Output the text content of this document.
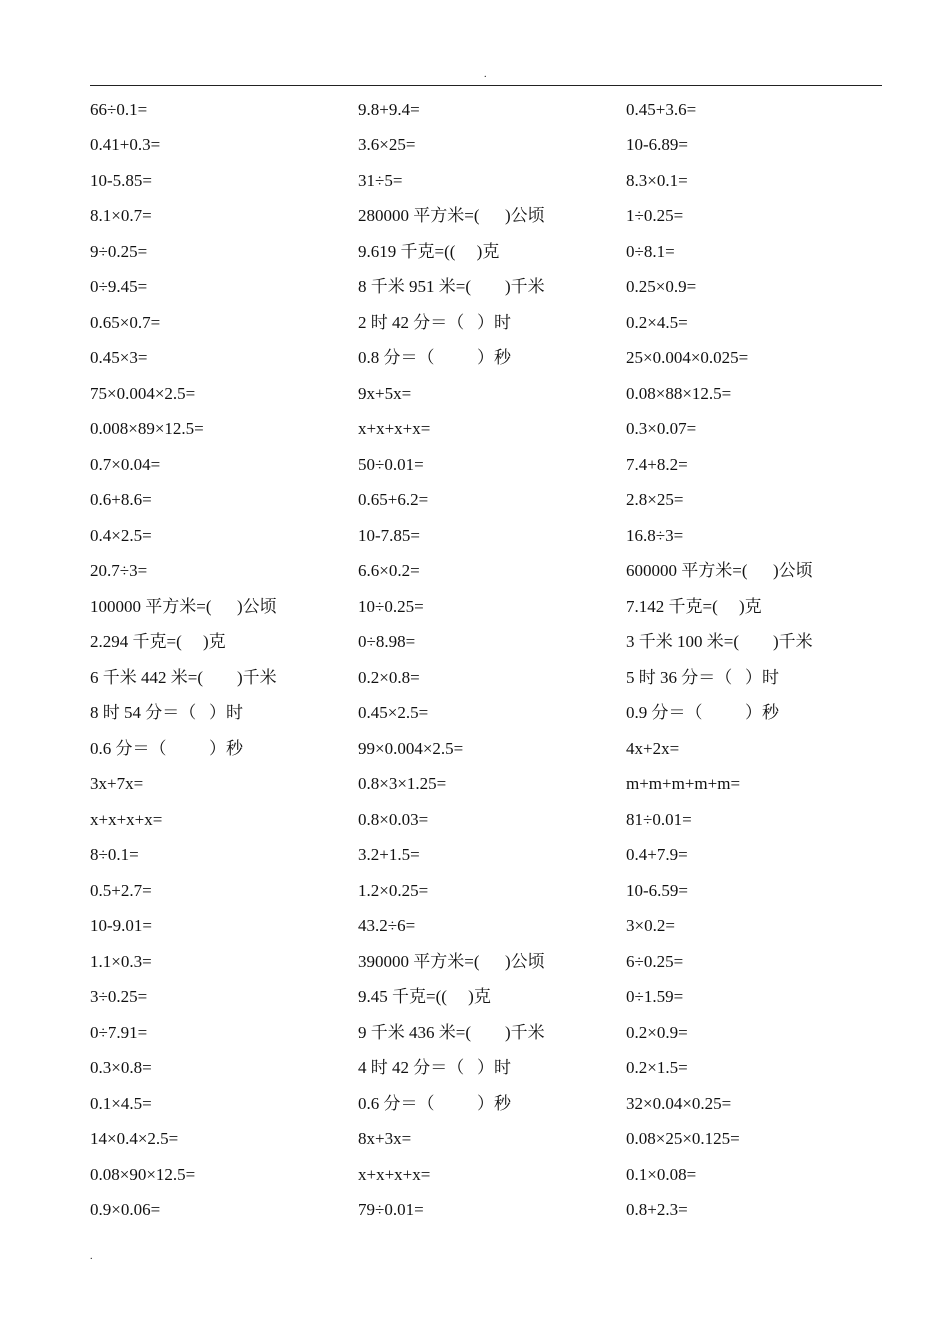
.
66÷0.1=	9.8+9.4=	0.45+3.6=
0.41+0.3=	3.6×25=	10-6.89=
10-5.85=	31÷5=	8.3×0.1=
8.1×0.7=	280000 平方米=(      )公顷	1÷0.25=
9÷0.25=	9.619 千克=((     )克	0÷8.1=
0÷9.45=	8 千米 951 米=(        )千米	0.25×0.9=
0.65×0.7=	2 时 42 分＝（   ）时	0.2×4.5=
0.45×3=	0.8 分＝（          ）秒	25×0.004×0.025=
75×0.004×2.5=	9x+5x=	0.08×88×12.5=
0.008×89×12.5=	x+x+x+x=	0.3×0.07=
0.7×0.04=	50÷0.01=	7.4+8.2=
0.6+8.6=	0.65+6.2=	2.8×25=
0.4×2.5=	10-7.85=	16.8÷3=
20.7÷3=	6.6×0.2=	600000 平方米=(      )公顷
100000 平方米=(      )公顷	10÷0.25=	7.142 千克=(     )克
2.294 千克=(     )克	0÷8.98=	3 千米 100 米=(        )千米
6 千米 442 米=(        )千米	0.2×0.8=	5 时 36 分＝（   ）时
8 时 54 分＝（   ）时	0.45×2.5=	0.9 分＝（          ）秒
0.6 分＝（          ）秒	99×0.004×2.5=	4x+2x=
3x+7x=	0.8×3×1.25=	m+m+m+m+m=
x+x+x+x=	0.8×0.03=	81÷0.01=
8÷0.1=	3.2+1.5=	0.4+7.9=
0.5+2.7=	1.2×0.25=	10-6.59=
10-9.01=	43.2÷6=	3×0.2=
1.1×0.3=	390000 平方米=(      )公顷	6÷0.25=
3÷0.25=	9.45 千克=((     )克	0÷1.59=
0÷7.91=	9 千米 436 米=(        )千米	0.2×0.9=
0.3×0.8=	4 时 42 分＝（   ）时	0.2×1.5=
0.1×4.5=	0.6 分＝（          ）秒	32×0.04×0.25=
14×0.4×2.5=	8x+3x=	0.08×25×0.125=
0.08×90×12.5=	x+x+x+x=	0.1×0.08=
0.9×0.06=	79÷0.01=	0.8+2.3=
.
